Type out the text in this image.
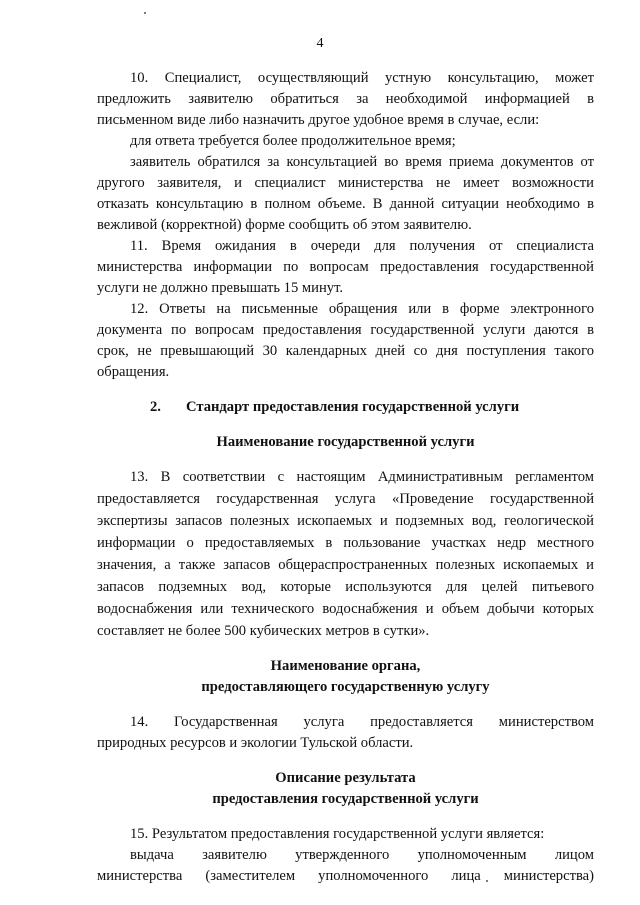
4
10. Специалист, осуществляющий устную консультацию, может
предложить заявителю обратиться за необходимой информацией в
письменном виде либо назначить другое удобное время в случае, если:
для ответа требуется более продолжительное время;
заявитель обратился за консультацией во время приема документов от
другого заявителя, и специалист министерства не имеет возможности
отказать консультацию в полном объеме. В данной ситуации необходимо в
вежливой (корректной) форме сообщить об этом заявителю.
11. Время ожидания в очереди для получения от специалиста
министерства информации по вопросам предоставления государственной
услуги не должно превышать 15 минут.
12. Ответы на письменные обращения или в форме электронного
документа по вопросам предоставления государственной услуги даются в
срок, не превышающий 30 календарных дней со дня поступления такого
обращения.
2. Стандарт предоставления государственной услуги
Наименование государственной услуги
13. В соответствии с настоящим Административным регламентом
предоставляется государственная услуга «Проведение государственной
экспертизы запасов полезных ископаемых и подземных вод, геологической
информации о предоставляемых в пользование участках недр местного
значения, а также запасов общераспространенных полезных ископаемых и
запасов подземных вод, которые используются для целей питьевого
водоснабжения или технического водоснабжения и объем добычи которых
составляет не более 500 кубических метров в сутки».
Наименование органа,
предоставляющего государственную услугу
14. Государственная услуга предоставляется министерством
природных ресурсов и экологии Тульской области.
Описание результата
предоставления государственной услуги
15. Результатом предоставления государственной услуги является:
выдача заявителю утвержденного уполномоченным лицом
министерства (заместителем уполномоченного лица министерства)
